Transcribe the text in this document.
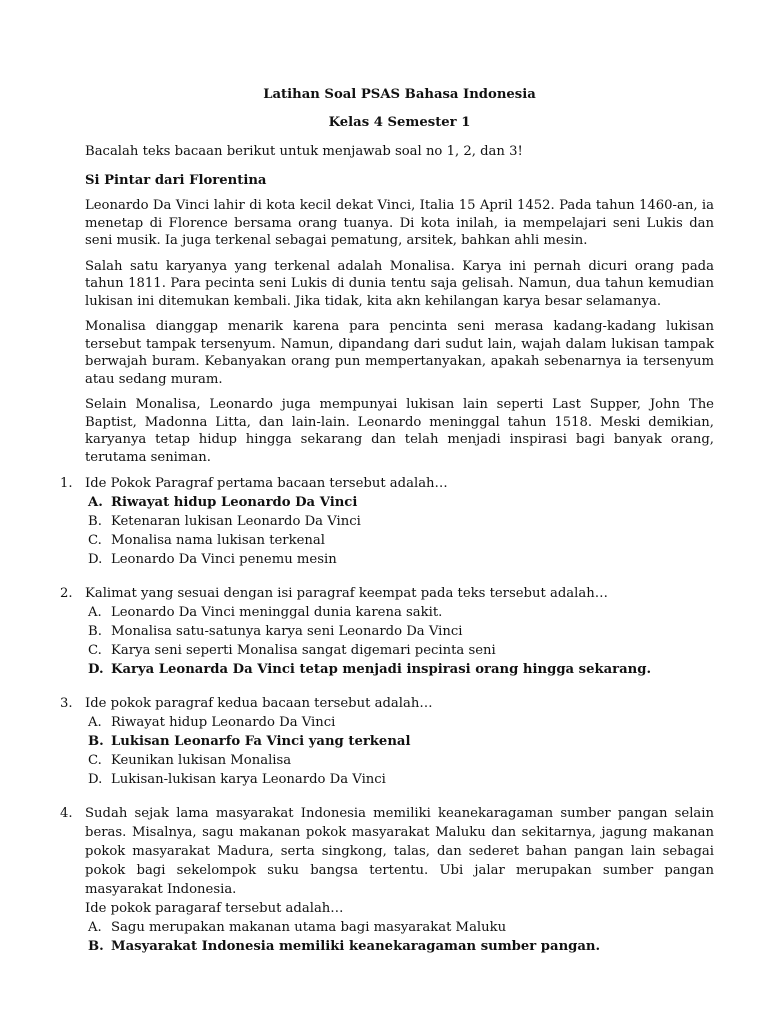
Latihan Soal PSAS Bahasa Indonesia
Kelas 4 Semester 1

Bacalah teks bacaan berikut untuk menjawab soal no 1, 2, dan 3!

Si Pintar dari Florentina

Leonardo Da Vinci lahir di kota kecil dekat Vinci, Italia 15 April 1452. Pada tahun 1460-an, ia menetap di Florence bersama orang tuanya. Di kota inilah, ia mempelajari seni Lukis dan seni musik. Ia juga terkenal sebagai pematung, arsitek, bahkan ahli mesin.

Salah satu karyanya yang terkenal adalah Monalisa. Karya ini pernah dicuri orang pada tahun 1811. Para pecinta seni Lukis di dunia tentu saja gelisah. Namun, dua tahun kemudian lukisan ini ditemukan kembali. Jika tidak, kita akn kehilangan karya besar selamanya.

Monalisa dianggap menarik karena para pencinta seni merasa kadang-kadang lukisan tersebut tampak tersenyum. Namun, dipandang dari sudut lain, wajah dalam lukisan tampak berwajah buram. Kebanyakan orang pun mempertanyakan, apakah sebenarnya ia tersenyum atau sedang muram.

Selain Monalisa, Leonardo juga mempunyai lukisan lain seperti Last Supper, John The Baptist, Madonna Litta, dan lain-lain. Leonardo meninggal tahun 1518. Meski demikian, karyanya tetap hidup hingga sekarang dan telah menjadi inspirasi bagi banyak orang, terutama seniman.

1. Ide Pokok Paragraf pertama bacaan tersebut adalah…
A. Riwayat hidup Leonardo Da Vinci
B. Ketenaran lukisan Leonardo Da Vinci
C. Monalisa nama lukisan terkenal
D. Leonardo Da Vinci penemu mesin
2. Kalimat yang sesuai dengan isi paragraf keempat pada teks tersebut adalah…
A. Leonardo Da Vinci meninggal dunia karena sakit.
B. Monalisa satu-satunya karya seni Leonardo Da Vinci
C. Karya seni seperti Monalisa sangat digemari pecinta seni
D. Karya Leonarda Da Vinci tetap menjadi inspirasi orang hingga sekarang.
3. Ide pokok paragraf kedua bacaan tersebut adalah…
A. Riwayat hidup Leonardo Da Vinci
B. Lukisan Leonarfo Fa Vinci yang terkenal
C. Keunikan lukisan Monalisa
D. Lukisan-lukisan karya Leonardo Da Vinci
4. Sudah sejak lama masyarakat Indonesia memiliki keanekaragaman sumber pangan selain beras. Misalnya, sagu makanan pokok masyarakat Maluku dan sekitarnya, jagung makanan pokok masyarakat Madura, serta singkong, talas, dan sederet bahan pangan lain sebagai pokok bagi sekelompok suku bangsa tertentu. Ubi jalar merupakan sumber pangan masyarakat Indonesia.
Ide pokok paragaraf tersebut adalah…
A. Sagu merupakan makanan utama bagi masyarakat Maluku
B. Masyarakat Indonesia memiliki keanekaragaman sumber pangan.
